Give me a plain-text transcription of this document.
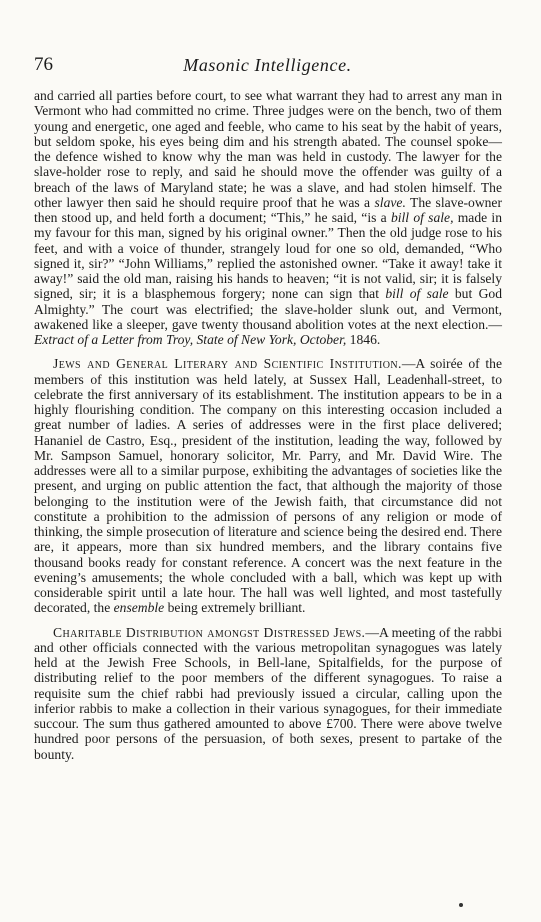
76	Masonic Intelligence.

and carried all parties before court, to see what warrant they had to arrest any man in Vermont who had committed no crime. Three judges were on the bench, two of them young and energetic, one aged and feeble, who came to his seat by the habit of years, but seldom spoke, his eyes being dim and his strength abated. The counsel spoke—the defence wished to know why the man was held in custody. The lawyer for the slave-holder rose to reply, and said he should move the offender was guilty of a breach of the laws of Maryland state; he was a slave, and had stolen himself. The other lawyer then said he should require proof that he was a slave. The slave-owner then stood up, and held forth a document; “This,” he said, “is a bill of sale, made in my favour for this man, signed by his original owner.” Then the old judge rose to his feet, and with a voice of thunder, strangely loud for one so old, demanded, “Who signed it, sir?” “John Williams,” replied the astonished owner. “Take it away! take it away!” said the old man, raising his hands to heaven; “it is not valid, sir; it is falsely signed, sir; it is a blasphemous forgery; none can sign that bill of sale but God Almighty.” The court was electrified; the slave-holder slunk out, and Vermont, awakened like a sleeper, gave twenty thousand abolition votes at the next election.—Extract of a Letter from Troy, State of New York, October, 1846.

Jews and General Literary and Scientific Institution.—A soirée of the members of this institution was held lately, at Sussex Hall, Leadenhall-street, to celebrate the first anniversary of its establishment. The institution appears to be in a highly flourishing condition. The company on this interesting occasion included a great number of ladies. A series of addresses were in the first place delivered; Hananiel de Castro, Esq., president of the institution, leading the way, followed by Mr. Sampson Samuel, honorary solicitor, Mr. Parry, and Mr. David Wire. The addresses were all to a similar purpose, exhibiting the advantages of societies like the present, and urging on public attention the fact, that although the majority of those belonging to the institution were of the Jewish faith, that circumstance did not constitute a prohibition to the admission of persons of any religion or mode of thinking, the simple prosecution of literature and science being the desired end. There are, it appears, more than six hundred members, and the library contains five thousand books ready for constant reference. A concert was the next feature in the evening’s amusements; the whole concluded with a ball, which was kept up with considerable spirit until a late hour. The hall was well lighted, and most tastefully decorated, the ensemble being extremely brilliant.

Charitable Distribution amongst Distressed Jews.—A meeting of the rabbi and other officials connected with the various metropolitan synagogues was lately held at the Jewish Free Schools, in Bell-lane, Spitalfields, for the purpose of distributing relief to the poor members of the different synagogues. To raise a requisite sum the chief rabbi had previously issued a circular, calling upon the inferior rabbis to make a collection in their various synagogues, for their immediate succour. The sum thus gathered amounted to above £700. There were above twelve hundred poor persons of the persuasion, of both sexes, present to partake of the bounty.
